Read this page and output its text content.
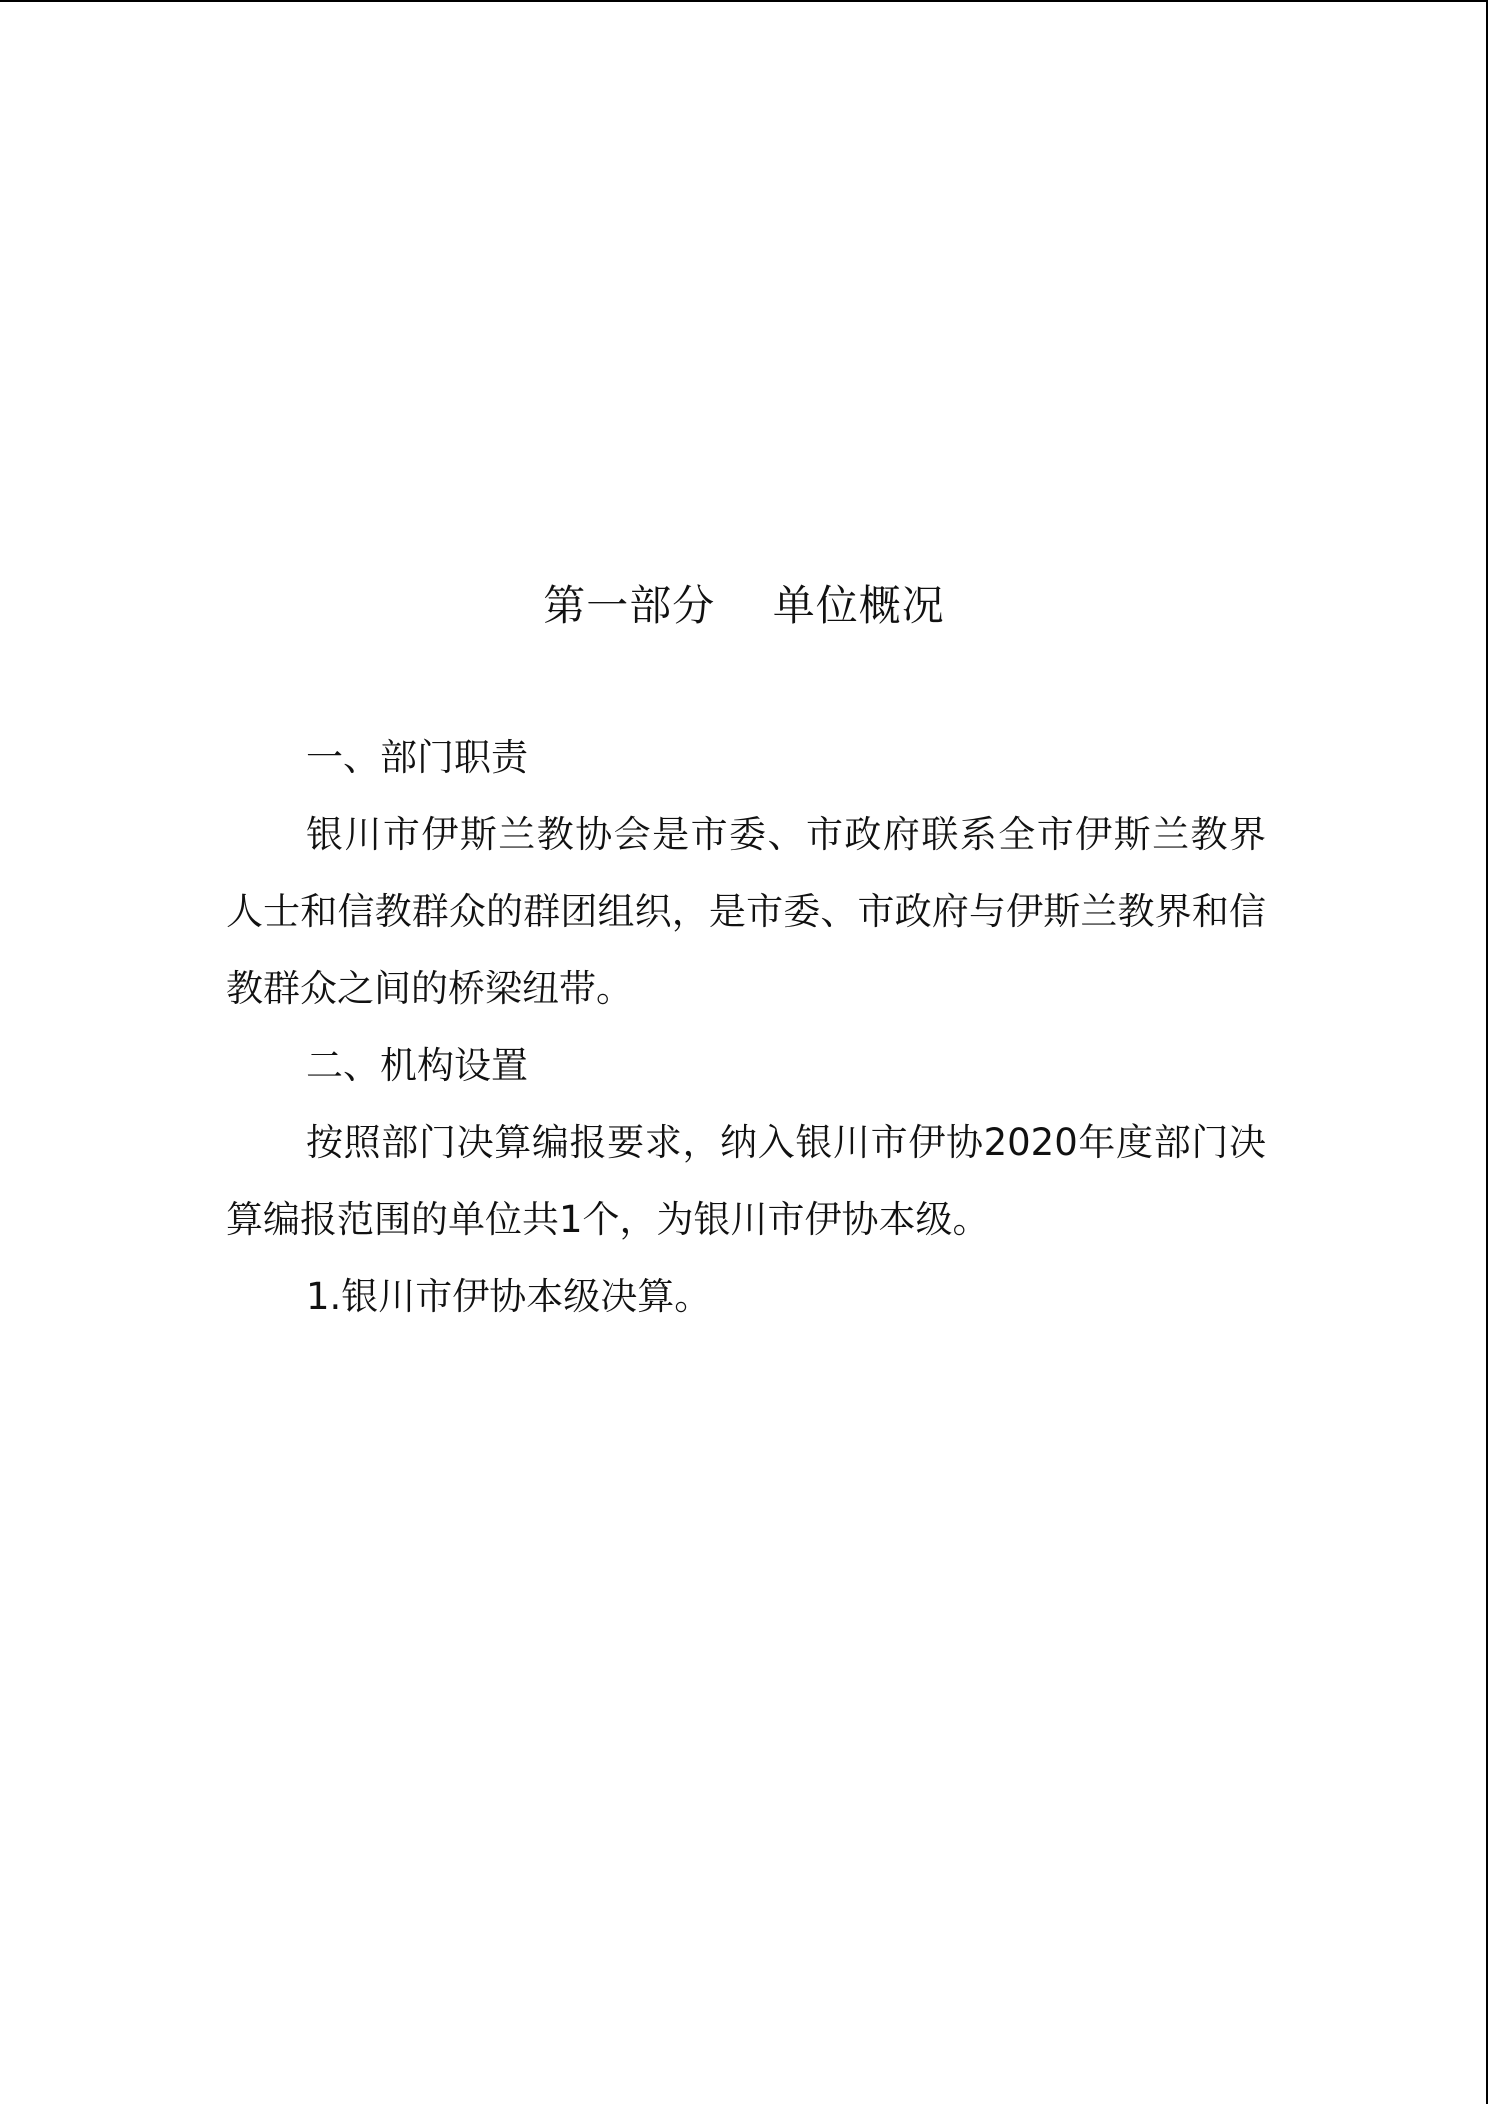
第一部分    单位概况

一、部门职责

银川市伊斯兰教协会是市委、市政府联系全市伊斯兰教界人士和信教群众的群团组织，是市委、市政府与伊斯兰教界和信教群众之间的桥梁纽带。

二、机构设置

按照部门决算编报要求，纳入银川市伊协2020年度部门决算编报范围的单位共1个，为银川市伊协本级。

1.银川市伊协本级决算。
